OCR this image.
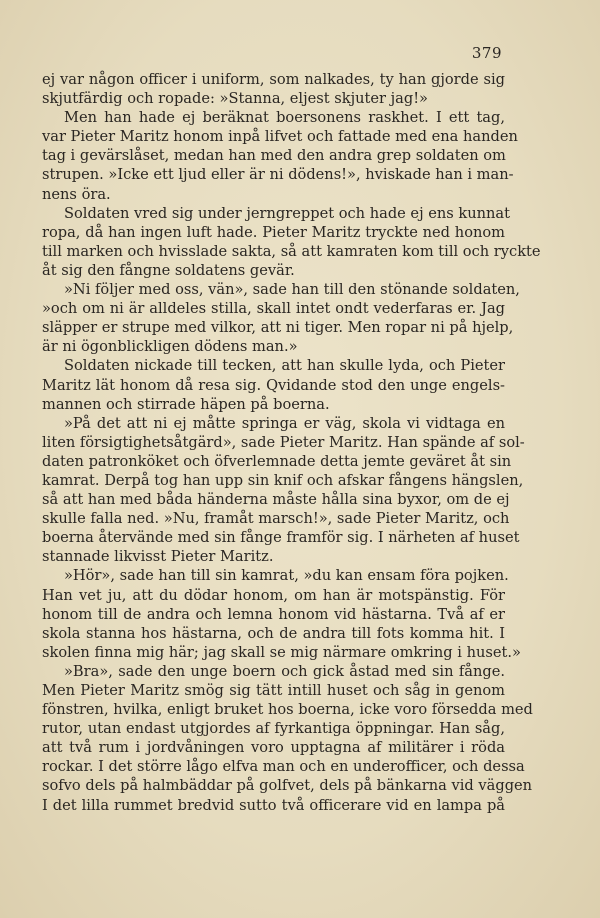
379
ej var någon officer i uniform, som nalkades, ty han gjorde sig
skjutfärdig och ropade: »Stanna, eljest skjuter jag!»
Men han hade ej beräknat boersonens raskhet. I ett tag,
var Pieter Maritz honom inpå lifvet och fattade med ena handen
tag i gevärslåset, medan han med den andra grep soldaten om
strupen. »Icke ett ljud eller är ni dödens!», hviskade han i man-
nens öra.
Soldaten vred sig under jerngreppet och hade ej ens kunnat
ropa, då han ingen luft hade. Pieter Maritz tryckte ned honom
till marken och hvisslade sakta, så att kamraten kom till och ryckte
åt sig den fångne soldatens gevär.
»Ni följer med oss, vän», sade han till den stönande soldaten,
»och om ni är alldeles stilla, skall intet ondt vederfaras er. Jag
släpper er strupe med vilkor, att ni tiger. Men ropar ni på hjelp,
är ni ögonblickligen dödens man.»
Soldaten nickade till tecken, att han skulle lyda, och Pieter
Maritz lät honom då resa sig. Qvidande stod den unge engels-
mannen och stirrade häpen på boerna.
»På det att ni ej måtte springa er väg, skola vi vidtaga en
liten försigtighetsåtgärd», sade Pieter Maritz. Han spände af sol-
daten patronköket och öfverlemnade detta jemte geväret åt sin
kamrat. Derpå tog han upp sin knif och afskar fångens hängslen,
så att han med båda händerna måste hålla sina byxor, om de ej
skulle falla ned. »Nu, framåt marsch!», sade Pieter Maritz, och
boerna återvände med sin fånge framför sig. I närheten af huset
stannade likvisst Pieter Maritz.
»Hör», sade han till sin kamrat, »du kan ensam föra pojken.
Han vet ju, att du dödar honom, om han är motspänstig. För
honom till de andra och lemna honom vid hästarna. Två af er
skola stanna hos hästarna, och de andra till fots komma hit. I
skolen finna mig här; jag skall se mig närmare omkring i huset.»
»Bra», sade den unge boern och gick åstad med sin fånge.
Men Pieter Maritz smög sig tätt intill huset och såg in genom
fönstren, hvilka, enligt bruket hos boerna, icke voro försedda med
rutor, utan endast utgjordes af fyrkantiga öppningar. Han såg,
att två rum i jordvåningen voro upptagna af militärer i röda
rockar. I det större lågo elfva man och en underofficer, och dessa
sofvo dels på halmbäddar på golfvet, dels på bänkarna vid väggen
I det lilla rummet bredvid sutto två officerare vid en lampa på
